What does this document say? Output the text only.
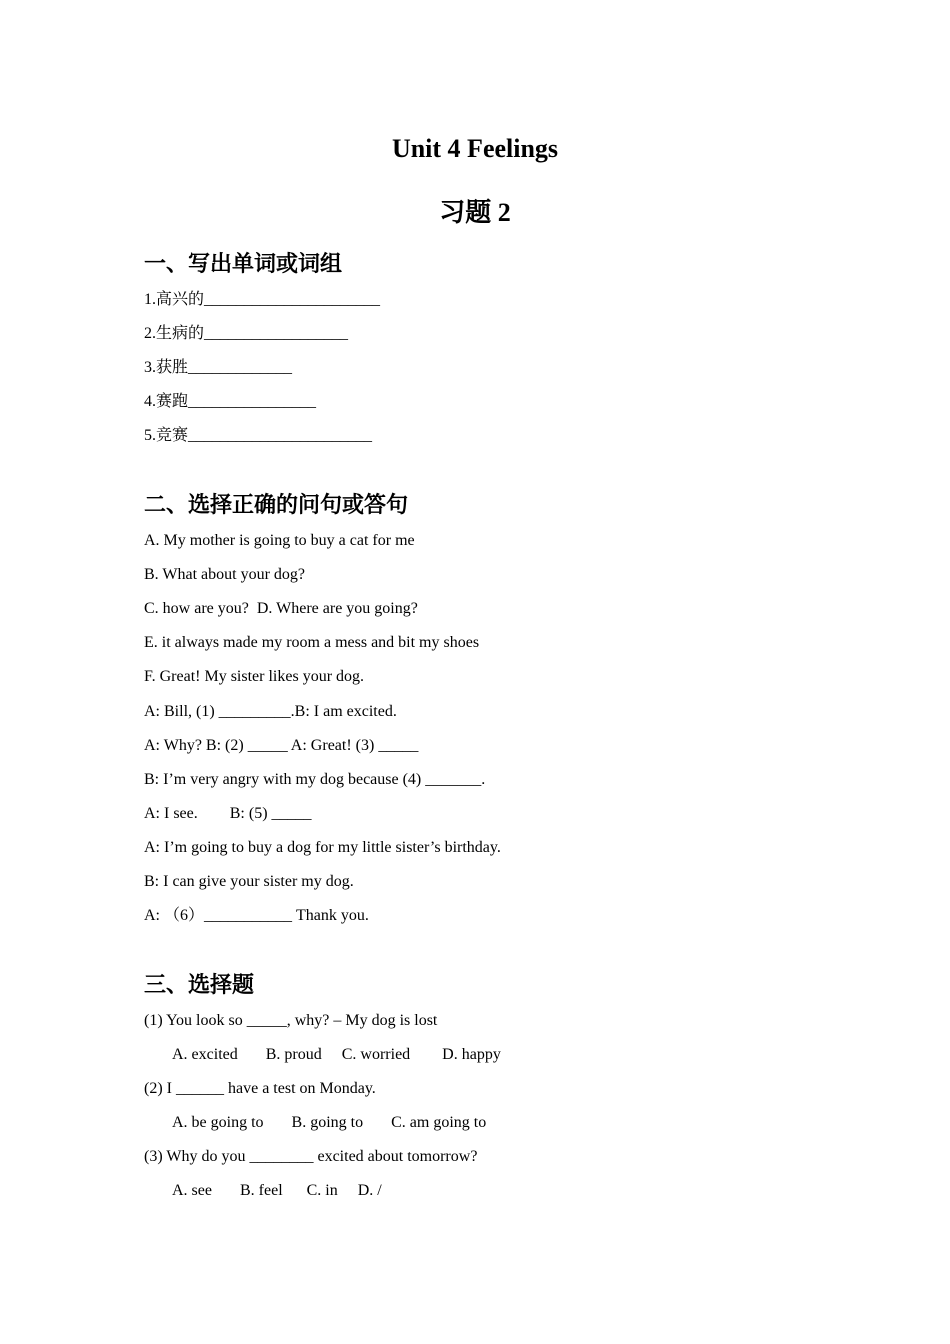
Unit 4 Feelings
习题 2
一、写出单词或词组
1.高兴的______________________
2.生病的__________________
3.获胜_____________
4.赛跑________________
5.竞赛_______________________
二、选择正确的问句或答句
A. My mother is going to buy a cat for me
B. What about your dog?
C. how are you?  D. Where are you going?
E. it always made my room a mess and bit my shoes
F. Great! My sister likes your dog.
A: Bill, (1) _________.B: I am excited.
A: Why? B: (2) _____ A: Great! (3) _____
B: I’m very angry with my dog because (4) _______.
A: I see.        B: (5) _____
A: I’m going to buy a dog for my little sister’s birthday.
B: I can give your sister my dog.
A: （6）___________ Thank you.
三、选择题
(1) You look so _____, why? – My dog is lost
A. excited       B. proud     C. worried        D. happy
(2) I ______ have a test on Monday.
A. be going to       B. going to       C. am going to
(3) Why do you ________ excited about tomorrow?
A. see       B. feel      C. in     D. /
